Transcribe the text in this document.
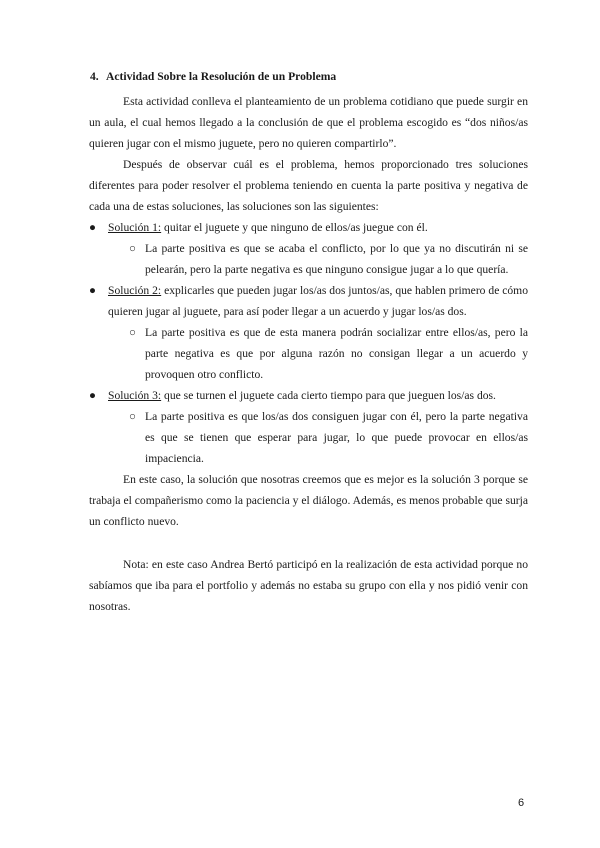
4. Actividad Sobre la Resolución de un Problema

Esta actividad conlleva el planteamiento de un problema cotidiano que puede surgir en un aula, el cual hemos llegado a la conclusión de que el problema escogido es “dos niños/as quieren jugar con el mismo juguete, pero no quieren compartirlo”.

Después de observar cuál es el problema, hemos proporcionado tres soluciones diferentes para poder resolver el problema teniendo en cuenta la parte positiva y negativa de cada una de estas soluciones, las soluciones son las siguientes:

● Solución 1: quitar el juguete y que ninguno de ellos/as juegue con él.
○ La parte positiva es que se acaba el conflicto, por lo que ya no discutirán ni se pelearán, pero la parte negativa es que ninguno consigue jugar a lo que quería.
● Solución 2: explicarles que pueden jugar los/as dos juntos/as, que hablen primero de cómo quieren jugar al juguete, para así poder llegar a un acuerdo y jugar los/as dos.
○ La parte positiva es que de esta manera podrán socializar entre ellos/as, pero la parte negativa es que por alguna razón no consigan llegar a un acuerdo y provoquen otro conflicto.
● Solución 3: que se turnen el juguete cada cierto tiempo para que jueguen los/as dos.
○ La parte positiva es que los/as dos consiguen jugar con él, pero la parte negativa es que se tienen que esperar para jugar, lo que puede provocar en ellos/as impaciencia.

En este caso, la solución que nosotras creemos que es mejor es la solución 3 porque se trabaja el compañerismo como la paciencia y el diálogo. Además, es menos probable que surja un conflicto nuevo.

Nota: en este caso Andrea Bertó participó en la realización de esta actividad porque no sabíamos que iba para el portfolio y además no estaba su grupo con ella y nos pidió venir con nosotras.

6
